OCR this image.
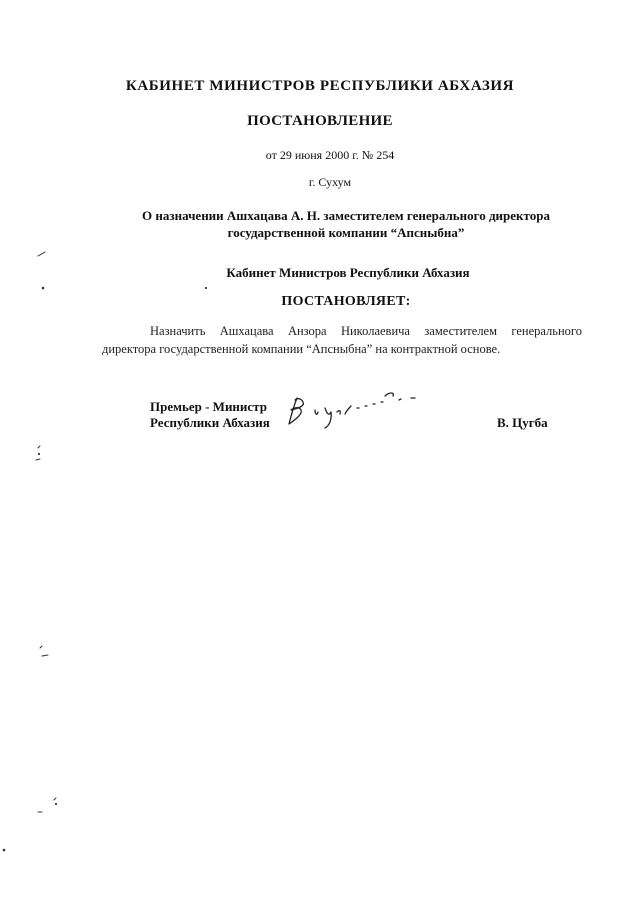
КАБИНЕТ МИНИСТРОВ РЕСПУБЛИКИ АБХАЗИЯ
ПОСТАНОВЛЕНИЕ
от 29 июня 2000 г. № 254
г. Сухум
О назначении Ашхацава А. Н. заместителем генерального директора
государственной компании “Апсныбна”
Кабинет Министров Республики Абхазия
ПОСТАНОВЛЯЕТ:
Назначить Ашхацава Анзора Николаевича заместителем генерального директора государственной компании “Апсныбна” на контрактной основе.
Премьер - Министр
Республики Абхазия	В. Цугба
